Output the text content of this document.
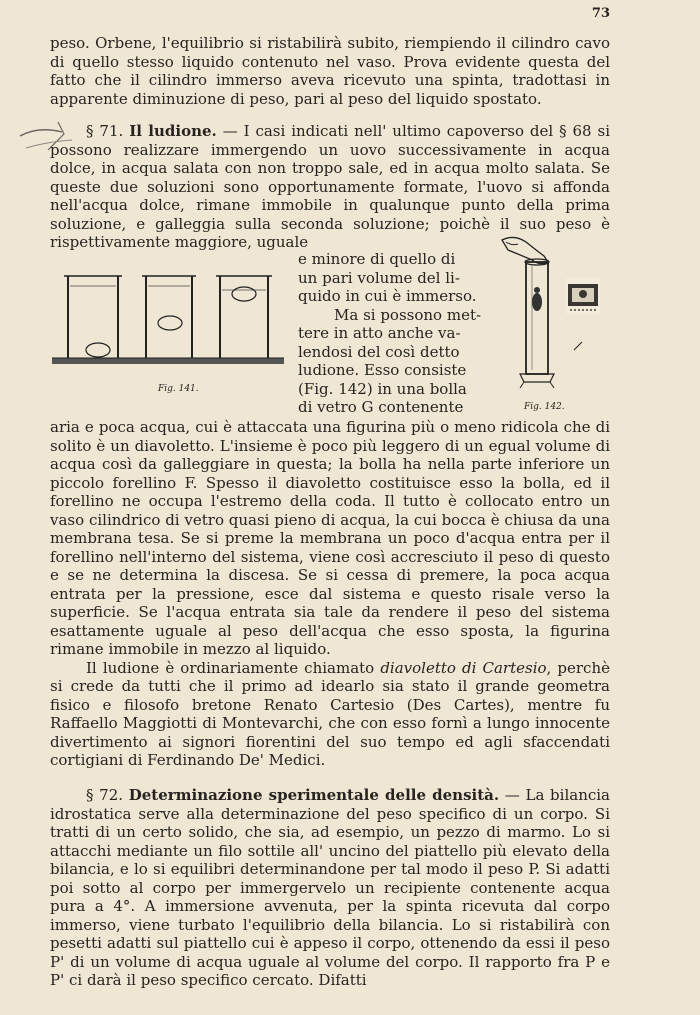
73

peso. Orbene, l'equilibrio si ristabilirà subito, riempiendo il cilindro cavo di quello stesso liquido contenuto nel vaso. Prova evidente questa del fatto che il cilindro immerso aveva ricevuto una spinta, tradottasi in apparente diminuzione di peso, pari al peso del liquido spostato.

§ 71. Il ludione. — I casi indicati nell' ultimo capoverso del § 68 si possono realizzare immergendo un uovo successivamente in acqua dolce, in acqua salata con non troppo sale, ed in acqua molto salata. Se queste due soluzioni sono opportunamente formate, l'uovo si affonda nell'acqua dolce, rimane immobile in qualunque punto della prima soluzione, e galleggia sulla seconda soluzione; poichè il suo peso è rispettivamente maggiore, uguale

Fig. 141.
e minore di quello di
un pari volume del li-
quido in cui è immerso.
Ma si possono met-
tere in atto anche va-
lendosi del così detto
ludione. Esso consiste
(Fig. 142) in una bolla
di vetro G contenente	Fig. 142.

aria e poca acqua, cui è attaccata una figurina più o meno ridicola che di solito è un diavoletto. L'insieme è poco più leggero di un egual volume di acqua così da galleggiare in questa; la bolla ha nella parte inferiore un piccolo forellino F. Spesso il diavoletto costituisce esso la bolla, ed il forellino ne occupa l'estremo della coda. Il tutto è collocato entro un vaso cilindrico di vetro quasi pieno di acqua, la cui bocca è chiusa da una membrana tesa. Se si preme la membrana un poco d'acqua entra per il forellino nell'interno del sistema, viene così accresciuto il peso di questo e se ne determina la discesa. Se si cessa di premere, la poca acqua entrata per la pressione, esce dal sistema e questo risale verso la superficie. Se l'acqua entrata sia tale da rendere il peso del sistema esattamente uguale al peso dell'acqua che esso sposta, la figurina rimane immobile in mezzo al liquido.

Il ludione è ordinariamente chiamato diavoletto di Cartesio, perchè si crede da tutti che il primo ad idearlo sia stato il grande geometra fisico e filosofo bretone Renato Cartesio (Des Cartes), mentre fu Raffaello Maggiotti di Montevarchi, che con esso fornì a lungo innocente divertimento ai signori fiorentini del suo tempo ed agli sfaccendati cortigiani di Ferdinando De' Medici.

§ 72. Determinazione sperimentale delle densità. — La bilancia idrostatica serve alla determinazione del peso specifico di un corpo. Si tratti di un certo solido, che sia, ad esempio, un pezzo di marmo. Lo si attacchi mediante un filo sottile all' uncino del piattello più elevato della bilancia, e lo si equilibri determinandone per tal modo il peso P. Si adatti poi sotto al corpo per immergervelo un recipiente contenente acqua pura a 4°. A immersione avvenuta, per la spinta ricevuta dal corpo immerso, viene turbato l'equilibrio della bilancia. Lo si ristabilirà con pesetti adatti sul piattello cui è appeso il corpo, ottenendo da essi il peso P' di un volume di acqua uguale al volume del corpo. Il rapporto fra P e P' ci darà il peso specifico cercato. Difatti
